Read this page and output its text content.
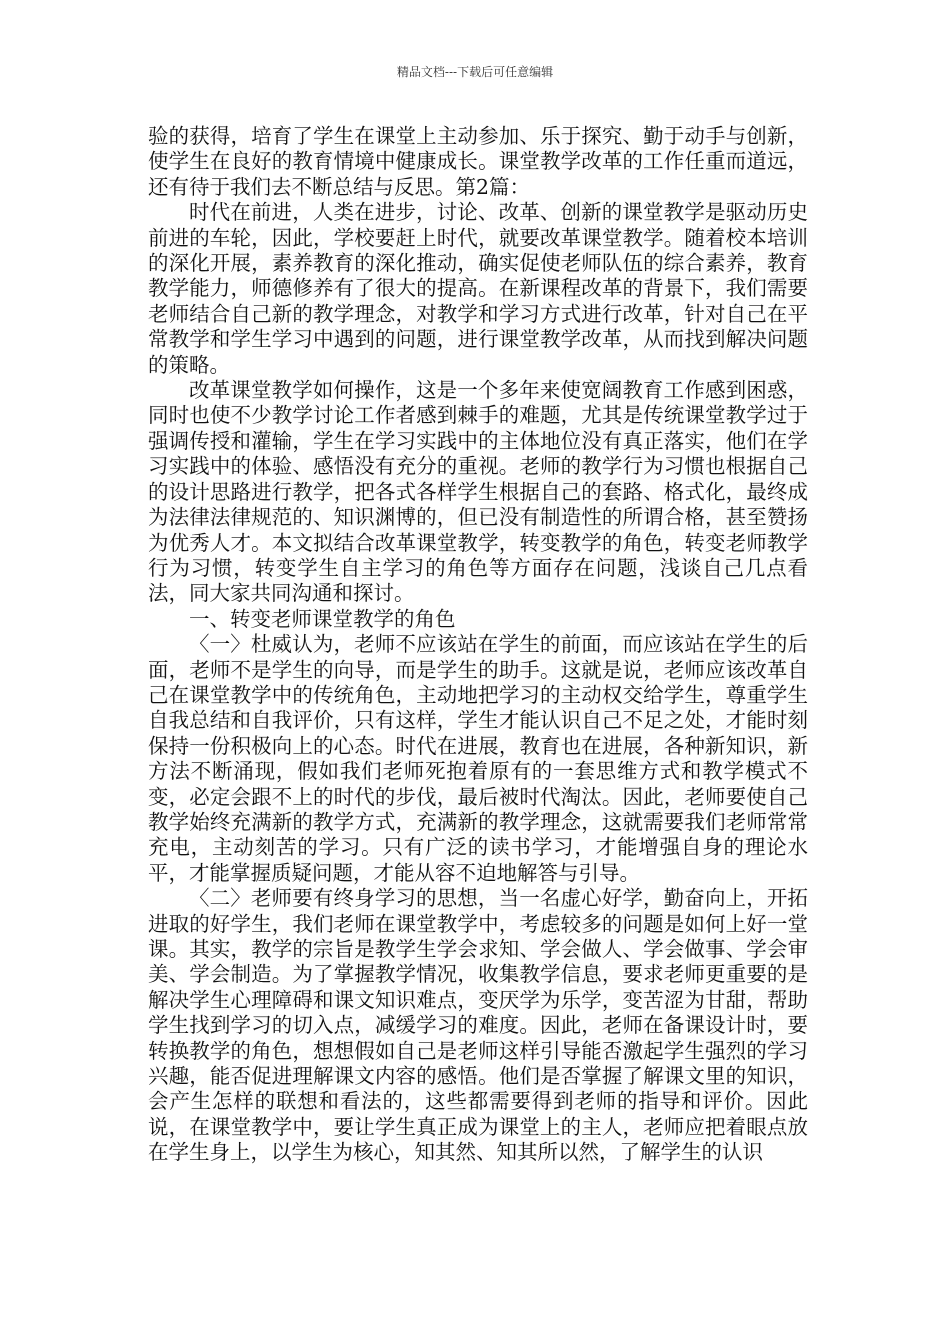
精品文档---下载后可任意编辑

验的获得，培育了学生在课堂上主动参加、乐于探究、勤于动手与创新，使学生在良好的教育情境中健康成长。课堂教学改革的工作任重而道远，还有待于我们去不断总结与反思。第2篇：

时代在前进，人类在进步，讨论、改革、创新的课堂教学是驱动历史前进的车轮，因此，学校要赶上时代，就要改革课堂教学。随着校本培训的深化开展，素养教育的深化推动，确实促使老师队伍的综合素养，教育教学能力，师德修养有了很大的提高。在新课程改革的背景下，我们需要老师结合自己新的教学理念，对教学和学习方式进行改革，针对自己在平常教学和学生学习中遇到的问题，进行课堂教学改革，从而找到解决问题的策略。

改革课堂教学如何操作，这是一个多年来使宽阔教育工作感到困惑，同时也使不少教学讨论工作者感到棘手的难题，尤其是传统课堂教学过于强调传授和灌输，学生在学习实践中的主体地位没有真正落实，他们在学习实践中的体验、感悟没有充分的重视。老师的教学行为习惯也根据自己的设计思路进行教学，把各式各样学生根据自己的套路、格式化，最终成为法律法律规范的、知识渊博的，但已没有制造性的所谓合格，甚至赞扬为优秀人才。本文拟结合改革课堂教学，转变教学的角色，转变老师教学行为习惯，转变学生自主学习的角色等方面存在问题，浅谈自己几点看法，同大家共同沟通和探讨。

一、转变老师课堂教学的角色

〈一〉杜威认为，老师不应该站在学生的前面，而应该站在学生的后面，老师不是学生的向导，而是学生的助手。这就是说，老师应该改革自己在课堂教学中的传统角色，主动地把学习的主动权交给学生，尊重学生自我总结和自我评价，只有这样，学生才能认识自己不足之处，才能时刻保持一份积极向上的心态。时代在进展，教育也在进展，各种新知识，新方法不断涌现，假如我们老师死抱着原有的一套思维方式和教学模式不变，必定会跟不上的时代的步伐，最后被时代淘汰。因此，老师要使自己教学始终充满新的教学方式，充满新的教学理念，这就需要我们老师常常充电，主动刻苦的学习。只有广泛的读书学习，才能增强自身的理论水平，才能掌握质疑问题，才能从容不迫地解答与引导。

〈二〉老师要有终身学习的思想，当一名虚心好学，勤奋向上，开拓进取的好学生，我们老师在课堂教学中，考虑较多的问题是如何上好一堂课。其实，教学的宗旨是教学生学会求知、学会做人、学会做事、学会审美、学会制造。为了掌握教学情况，收集教学信息，要求老师更重要的是解决学生心理障碍和课文知识难点，变厌学为乐学，变苦涩为甘甜，帮助学生找到学习的切入点，减缓学习的难度。因此，老师在备课设计时，要转换教学的角色，想想假如自己是老师这样引导能否激起学生强烈的学习兴趣，能否促进理解课文内容的感悟。他们是否掌握了解课文里的知识，会产生怎样的联想和看法的，这些都需要得到老师的指导和评价。因此说，在课堂教学中，要让学生真正成为课堂上的主人，老师应把着眼点放在学生身上，以学生为核心，知其然、知其所以然，了解学生的认识
